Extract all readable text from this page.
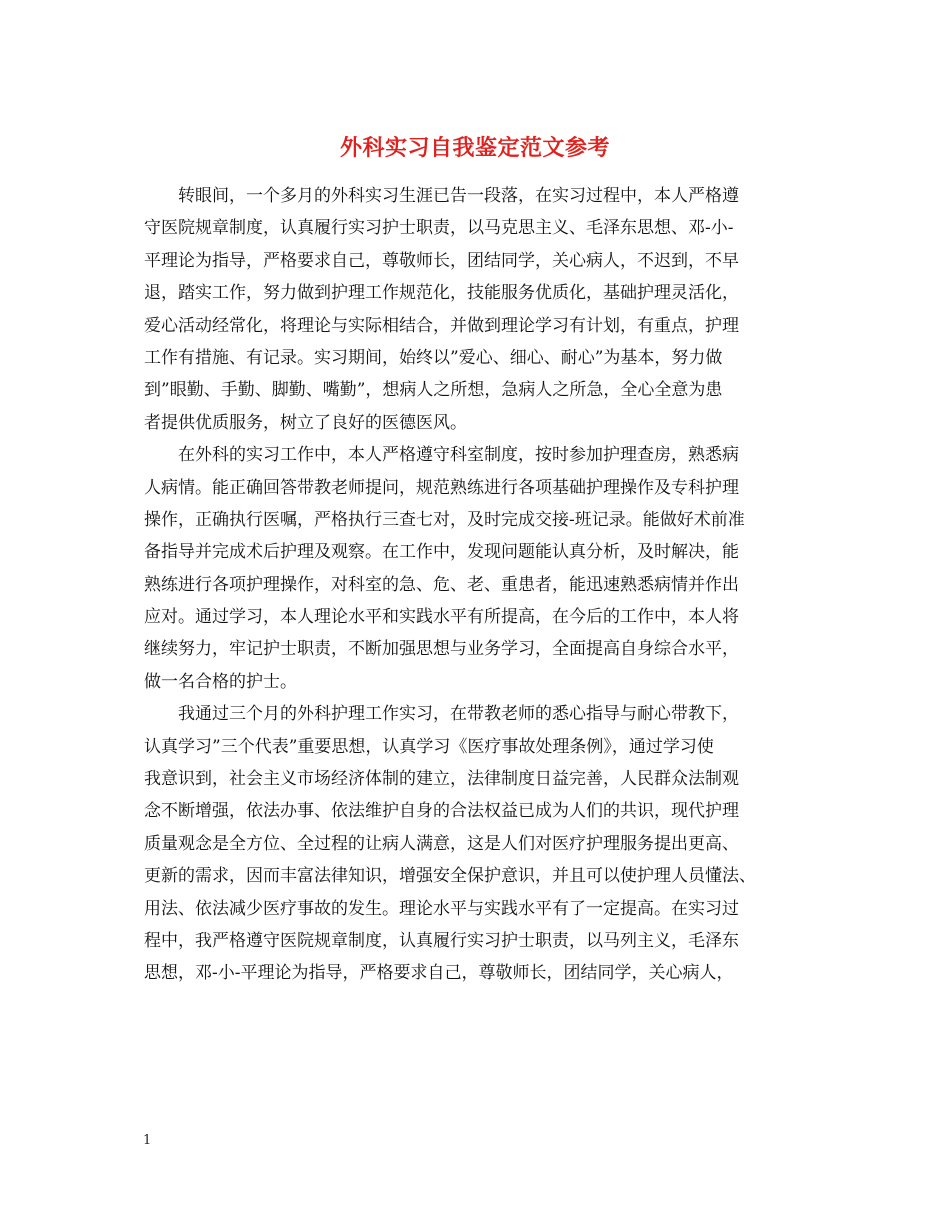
外科实习自我鉴定范文参考
转眼间，一个多月的外科实习生涯已告一段落，在实习过程中，本人严格遵
守医院规章制度，认真履行实习护士职责，以马克思主义、毛泽东思想、邓-小-
平理论为指导，严格要求自己，尊敬师长，团结同学，关心病人，不迟到，不早
退，踏实工作，努力做到护理工作规范化，技能服务优质化，基础护理灵活化，
爱心活动经常化，将理论与实际相结合，并做到理论学习有计划，有重点，护理
工作有措施、有记录。实习期间，始终以”爱心、细心、耐心”为基本，努力做
到”眼勤、手勤、脚勤、嘴勤”，想病人之所想，急病人之所急，全心全意为患
者提供优质服务，树立了良好的医德医风。
在外科的实习工作中，本人严格遵守科室制度，按时参加护理查房，熟悉病
人病情。能正确回答带教老师提问，规范熟练进行各项基础护理操作及专科护理
操作，正确执行医嘱，严格执行三查七对，及时完成交接-班记录。能做好术前准
备指导并完成术后护理及观察。在工作中，发现问题能认真分析，及时解决，能
熟练进行各项护理操作，对科室的急、危、老、重患者，能迅速熟悉病情并作出
应对。通过学习，本人理论水平和实践水平有所提高，在今后的工作中，本人将
继续努力，牢记护士职责，不断加强思想与业务学习，全面提高自身综合水平，
做一名合格的护士。
我通过三个月的外科护理工作实习，在带教老师的悉心指导与耐心带教下，
认真学习”三个代表”重要思想，认真学习《医疗事故处理条例》，通过学习使
我意识到，社会主义市场经济体制的建立，法律制度日益完善，人民群众法制观
念不断增强，依法办事、依法维护自身的合法权益已成为人们的共识，现代护理
质量观念是全方位、全过程的让病人满意，这是人们对医疗护理服务提出更高、
更新的需求，因而丰富法律知识，增强安全保护意识，并且可以使护理人员懂法、
用法、依法减少医疗事故的发生。理论水平与实践水平有了一定提高。在实习过
程中，我严格遵守医院规章制度，认真履行实习护士职责，以马列主义，毛泽东
思想，邓-小-平理论为指导，严格要求自己，尊敬师长，团结同学，关心病人，
1
